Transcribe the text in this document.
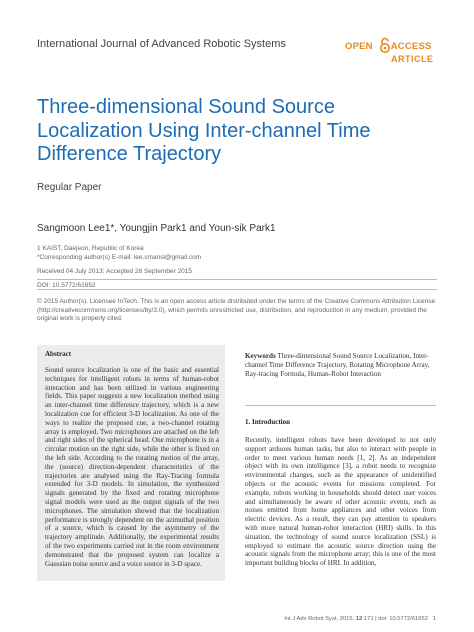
International Journal of Advanced Robotic Systems	OPEN ACCESS
ARTICLE
Three-dimensional Sound Source Localization Using Inter-channel Time Difference Trajectory
Regular Paper
Sangmoon Lee1*, Youngjin Park1 and Youn-sik Park1
1 KAIST, Daejeon, Republic of Korea
*Corresponding author(s) E-mail: lee.smansl@gmail.com
Received 04 July 2013; Accepted 28 September 2015
DOI: 10.5772/61652
© 2015 Author(s). Licensee InTech. This is an open access article distributed under the terms of the Creative Commons Attribution License (http://creativecommons.org/licenses/by/3.0), which permits unrestricted use, distribution, and reproduction in any medium, provided the original work is properly cited.
Abstract
Sound source localization is one of the basic and essential techniques for intelligent robots in terms of human-robot interaction and has been utilized in various engineering fields. This paper suggests a new localization method using an inter-channel time difference trajectory, which is a new localization cue for efficient 3-D localization. As one of the ways to realize the proposed cue, a two-channel rotating array is employed. Two microphones are attached on the left and right sides of the spherical head. One microphone is in a circular motion on the right side, while the other is fixed on the left side. According to the rotating motion of the array, the (source) direction-dependent characteristics of the trajectories are analysed using the Ray-Tracing formula extended for 3-D models. In simulation, the synthesized signals generated by the fixed and rotating microphone signal models were used as the output signals of the two microphones. The simulation showed that the localization performance is strongly dependent on the azimuthal position of a source, which is caused by the asymmetry of the trajectory amplitude. Additionally, the experimental results of the two experiments carried out in the room environment demonstrated that the proposed system can localize a Gaussian noise source and a voice source in 3-D space.
Keywords Three-dimensional Sound Source Localization, Inter-channel Time Difference Trajectory, Rotating Microphone Array, Ray-tracing Formula, Human-Robot Interaction
1. Introduction
Recently, intelligent robots have been developed to not only support arduous human tasks, but also to interact with people in order to meet various human needs [1, 2]. As an independent object with its own intelligence [3], a robot needs to recognize environmental changes, such as the appearance of unidentified objects or the acoustic events for missions completed. For example, robots working in households should detect user voices and simultaneously be aware of other acoustic events, such as noises emitted from home appliances and other voices from electric devices. As a result, they can pay attention to speakers with more natural human-robot interaction (HRI) skills. In this situation, the technology of sound source localization (SSL) is employed to estimate the acoustic source direction using the acoustic signals from the microphone array; this is one of the most important building blocks of HRI. In addition,
Int J Adv Robot Syst, 2015, 12:171 | doi: 10.5772/61652 1
